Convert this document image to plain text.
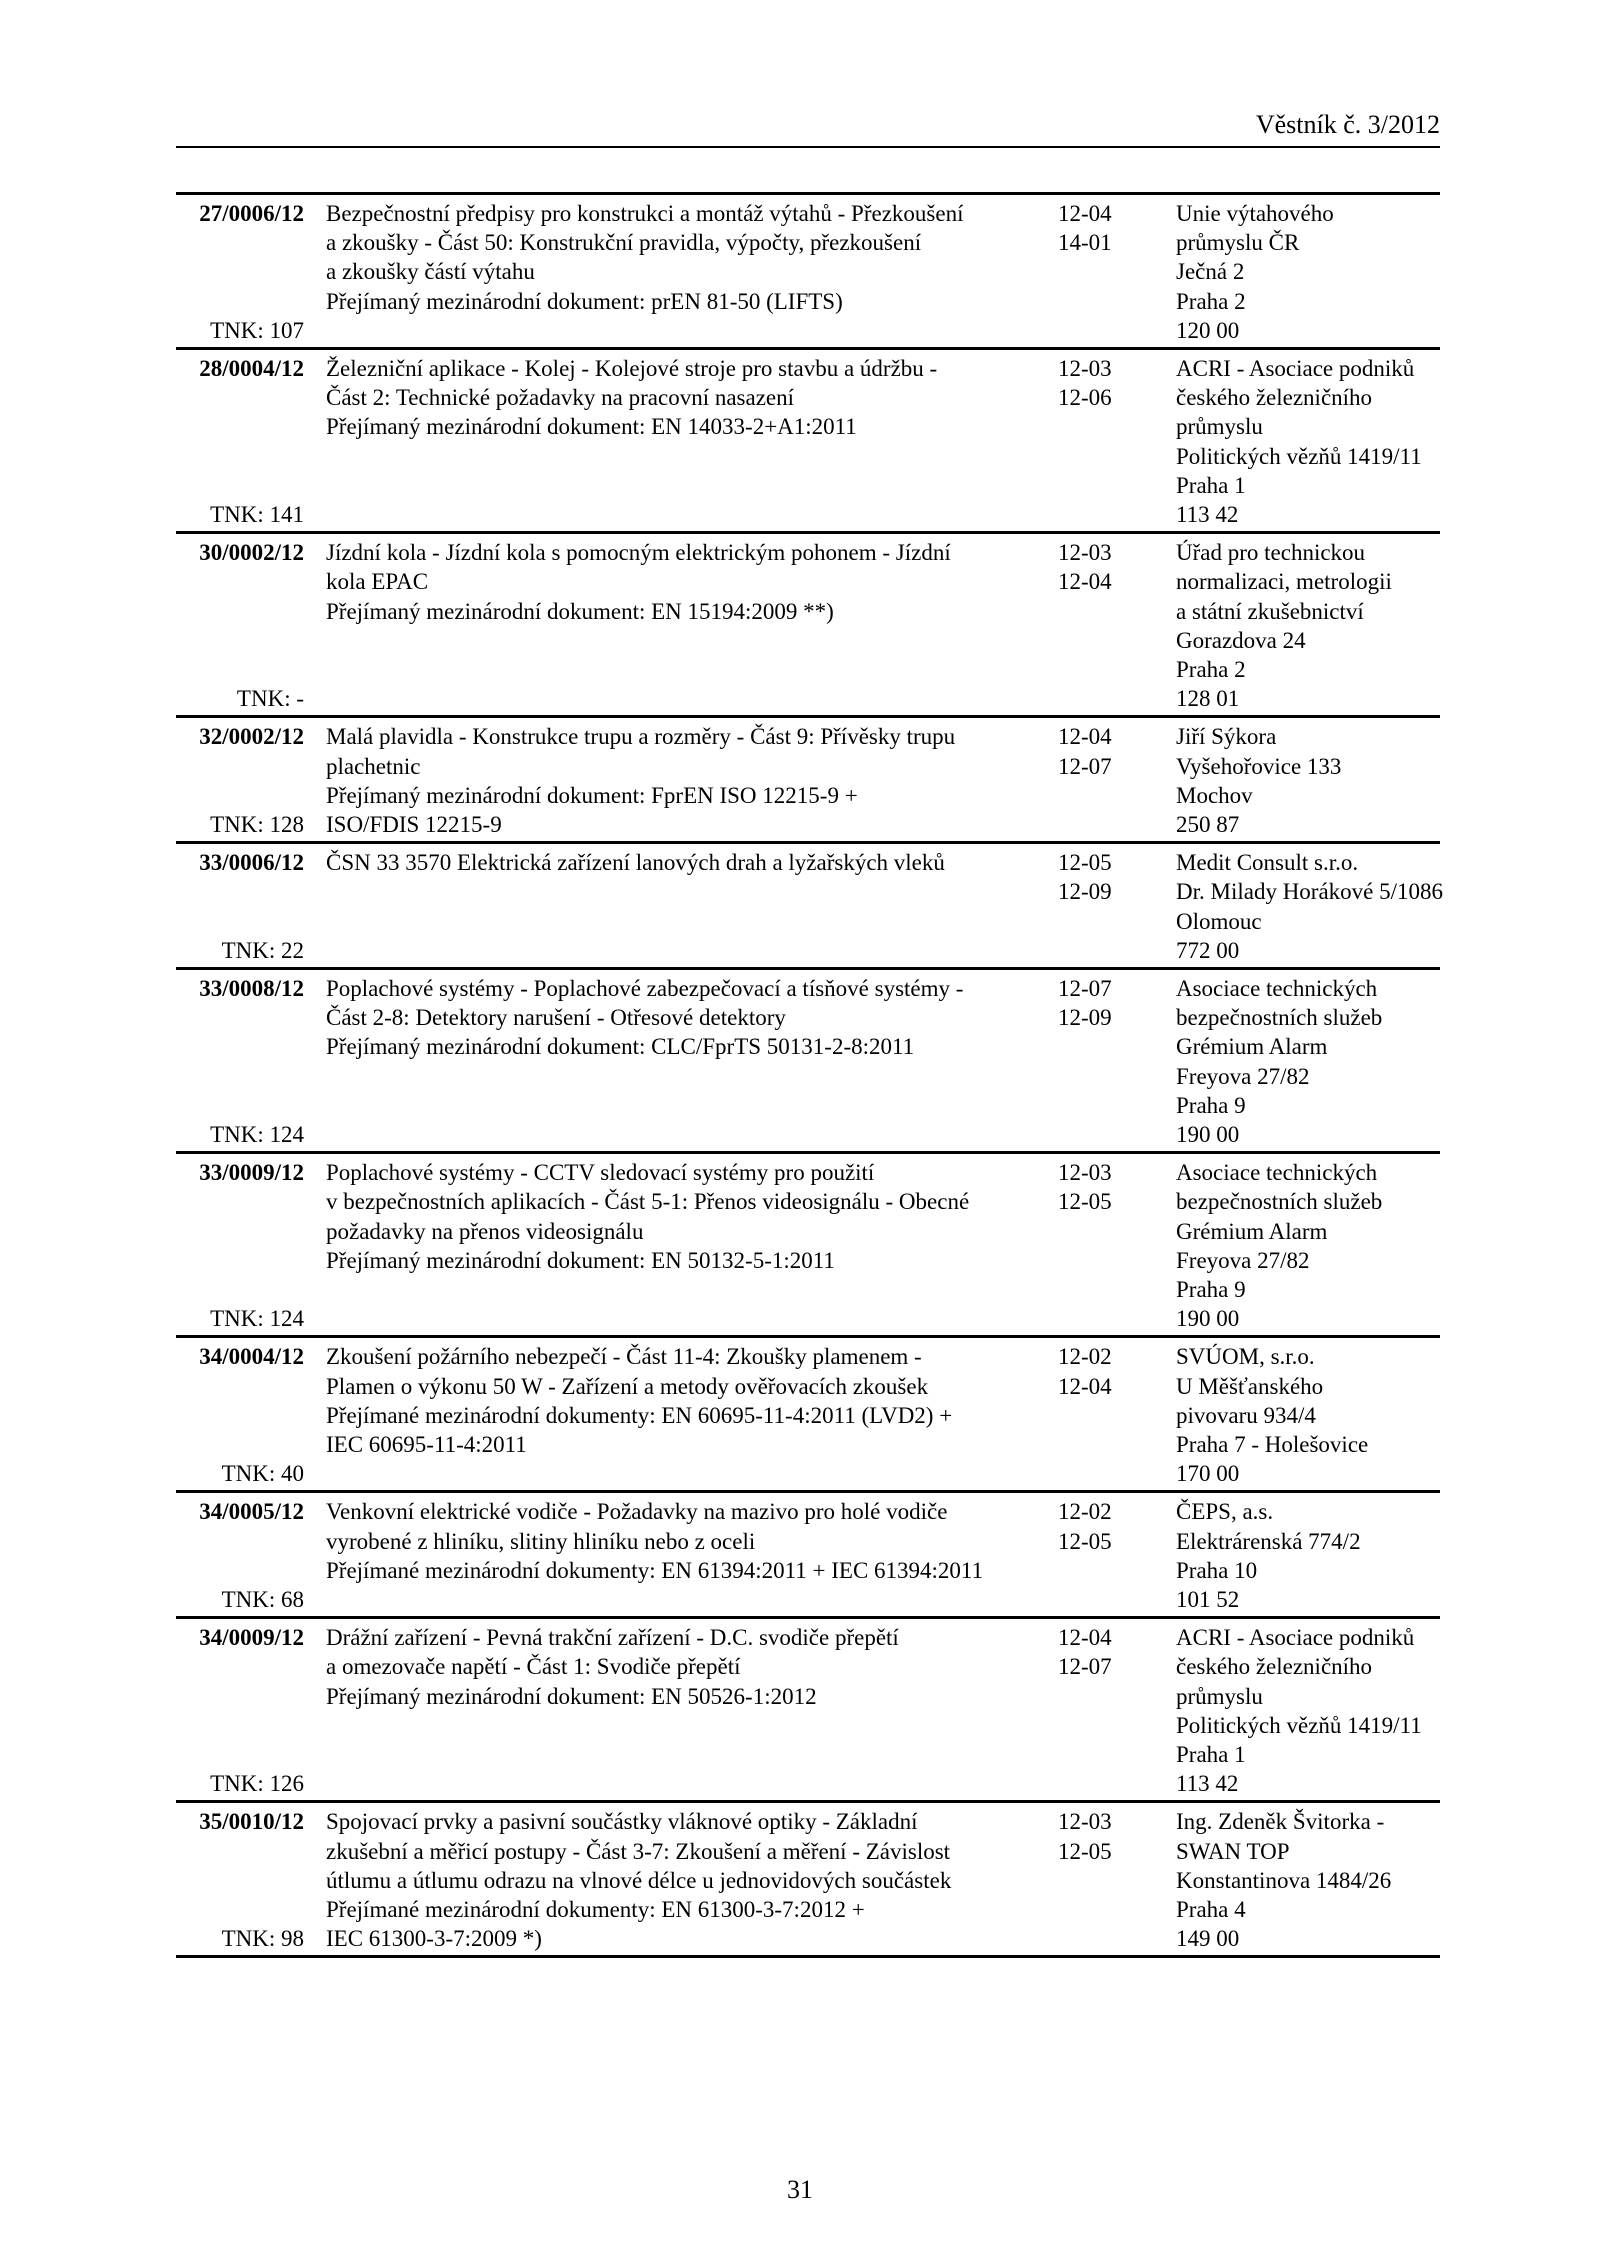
Věstník č. 3/2012
27/0006/12
TNK: 107
Bezpečnostní předpisy pro konstrukci a montáž výtahů - Přezkoušení
a zkoušky - Část 50: Konstrukční pravidla, výpočty, přezkoušení
a zkoušky částí výtahu
Přejímaný mezinárodní dokument: prEN 81-50 (LIFTS)
12-04
14-01
Unie výtahového
průmyslu ČR
Ječná 2
Praha 2
120 00
28/0004/12
TNK: 141
Železniční aplikace - Kolej - Kolejové stroje pro stavbu a údržbu -
Část 2: Technické požadavky na pracovní nasazení
Přejímaný mezinárodní dokument: EN 14033-2+A1:2011
12-03
12-06
ACRI - Asociace podniků
českého železničního
průmyslu
Politických vězňů 1419/11
Praha 1
113 42
30/0002/12
TNK: -
Jízdní kola - Jízdní kola s pomocným elektrickým pohonem - Jízdní
kola EPAC
Přejímaný mezinárodní dokument: EN 15194:2009 **)
12-03
12-04
Úřad pro technickou
normalizaci, metrologii
a státní zkušebnictví
Gorazdova 24
Praha 2
128 01
32/0002/12
TNK: 128
Malá plavidla - Konstrukce trupu a rozměry - Část 9: Přívěsky trupu
plachetnic
Přejímaný mezinárodní dokument: FprEN ISO 12215-9 +
ISO/FDIS 12215-9
12-04
12-07
Jiří Sýkora
Vyšehořovice 133
Mochov
250 87
33/0006/12
TNK: 22
ČSN 33 3570 Elektrická zařízení lanových drah a lyžařských vleků	12-05
12-09
Medit Consult s.r.o.
Dr. Milady Horákové 5/1086
Olomouc
772 00
33/0008/12
TNK: 124
Poplachové systémy - Poplachové zabezpečovací a tísňové systémy -
Část 2-8: Detektory narušení - Otřesové detektory
Přejímaný mezinárodní dokument: CLC/FprTS 50131-2-8:2011
12-07
12-09
Asociace technických
bezpečnostních služeb
Grémium Alarm
Freyova 27/82
Praha 9
190 00
33/0009/12
TNK: 124
Poplachové systémy - CCTV sledovací systémy pro použití
v bezpečnostních aplikacích - Část 5-1: Přenos videosignálu - Obecné
požadavky na přenos videosignálu
Přejímaný mezinárodní dokument: EN 50132-5-1:2011
12-03
12-05
Asociace technických
bezpečnostních služeb
Grémium Alarm
Freyova 27/82
Praha 9
190 00
34/0004/12
TNK: 40
Zkoušení požárního nebezpečí - Část 11-4: Zkoušky plamenem -
Plamen o výkonu 50 W - Zařízení a metody ověřovacích zkoušek
Přejímané mezinárodní dokumenty: EN 60695-11-4:2011 (LVD2) +
IEC 60695-11-4:2011
12-02
12-04
SVÚOM, s.r.o.
U Měšťanského
pivovaru 934/4
Praha 7 - Holešovice
170 00
34/0005/12
TNK: 68
Venkovní elektrické vodiče - Požadavky na mazivo pro holé vodiče
vyrobené z hliníku, slitiny hliníku nebo z oceli
Přejímané mezinárodní dokumenty: EN 61394:2011 + IEC 61394:2011
12-02
12-05
ČEPS, a.s.
Elektrárenská 774/2
Praha 10
101 52
34/0009/12
TNK: 126
Drážní zařízení - Pevná trakční zařízení - D.C. svodiče přepětí
a omezovače napětí - Část 1: Svodiče přepětí
Přejímaný mezinárodní dokument: EN 50526-1:2012
12-04
12-07
ACRI - Asociace podniků
českého železničního
průmyslu
Politických vězňů 1419/11
Praha 1
113 42
35/0010/12
TNK: 98
Spojovací prvky a pasivní součástky vláknové optiky - Základní
zkušební a měřicí postupy - Část 3-7: Zkoušení a měření - Závislost
útlumu a útlumu odrazu na vlnové délce u jednovidových součástek
Přejímané mezinárodní dokumenty: EN 61300-3-7:2012 +
IEC 61300-3-7:2009 *)
12-03
12-05
Ing. Zdeněk Švitorka -
SWAN TOP
Konstantinova 1484/26
Praha 4
149 00
31
